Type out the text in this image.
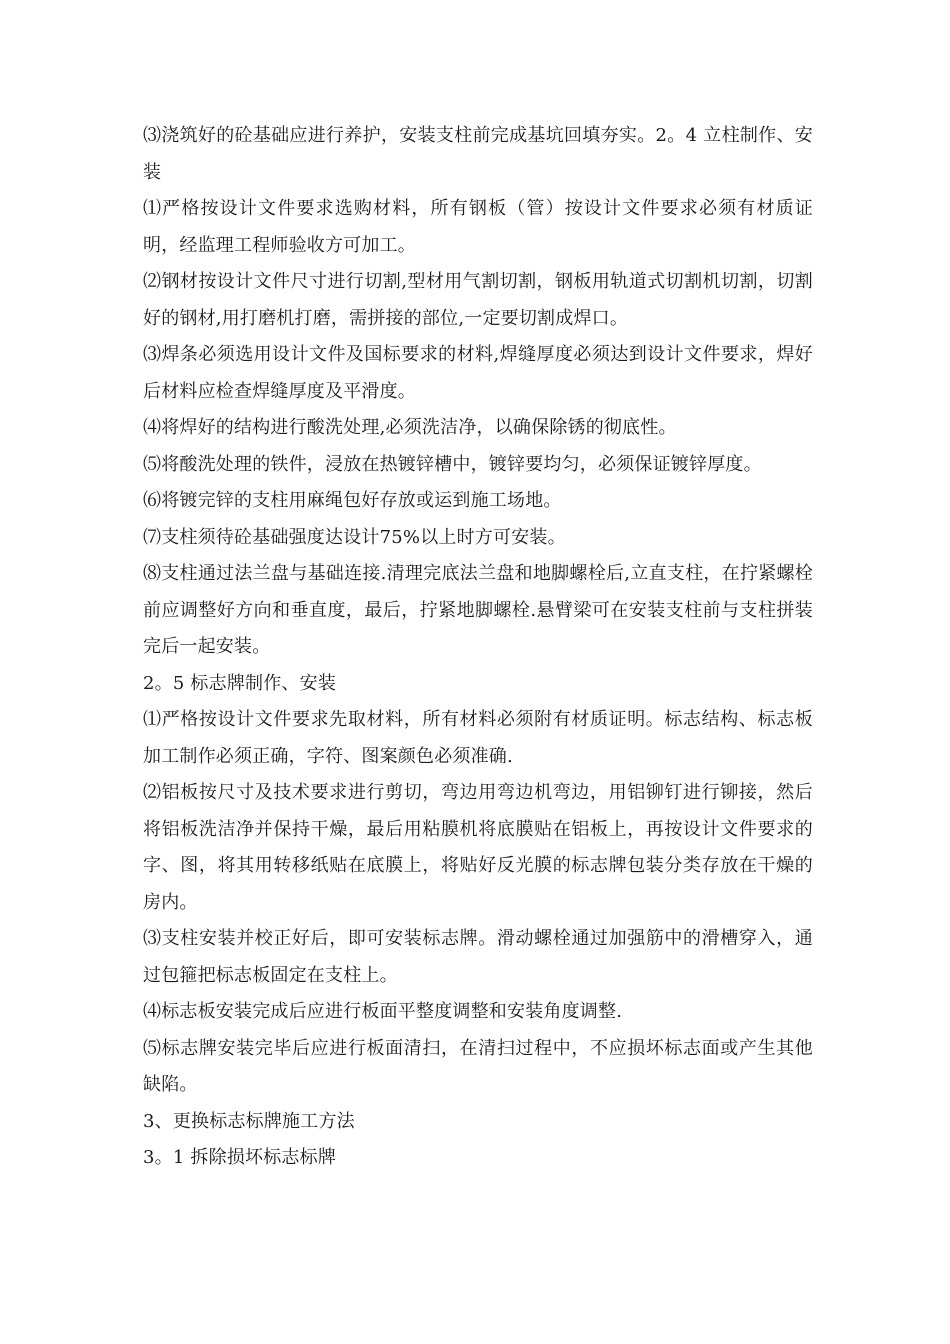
⑶浇筑好的砼基础应进行养护，安装支柱前完成基坑回填夯实。2。4 立柱制作、安装

⑴严格按设计文件要求选购材料，所有钢板（管）按设计文件要求必须有材质证明，经监理工程师验收方可加工。

⑵钢材按设计文件尺寸进行切割,型材用气割切割，钢板用轨道式切割机切割，切割好的钢材,用打磨机打磨，需拼接的部位,一定要切割成焊口。

⑶焊条必须选用设计文件及国标要求的材料,焊缝厚度必须达到设计文件要求，焊好后材料应检查焊缝厚度及平滑度。

⑷将焊好的结构进行酸洗处理,必须洗洁净，以确保除锈的彻底性。

⑸将酸洗处理的铁件，浸放在热镀锌槽中，镀锌要均匀，必须保证镀锌厚度。

⑹将镀完锌的支柱用麻绳包好存放或运到施工场地。

⑺支柱须待砼基础强度达设计75%以上时方可安装。

⑻支柱通过法兰盘与基础连接.清理完底法兰盘和地脚螺栓后,立直支柱，在拧紧螺栓前应调整好方向和垂直度，最后，拧紧地脚螺栓.悬臂梁可在安装支柱前与支柱拼装完后一起安装。

2。5 标志牌制作、安装

⑴严格按设计文件要求先取材料，所有材料必须附有材质证明。标志结构、标志板加工制作必须正确，字符、图案颜色必须准确.

⑵铝板按尺寸及技术要求进行剪切，弯边用弯边机弯边，用铝铆钉进行铆接，然后将铝板洗洁净并保持干燥，最后用粘膜机将底膜贴在铝板上，再按设计文件要求的字、图，将其用转移纸贴在底膜上，将贴好反光膜的标志牌包装分类存放在干燥的房内。

⑶支柱安装并校正好后，即可安装标志牌。滑动螺栓通过加强筋中的滑槽穿入，通过包箍把标志板固定在支柱上。

⑷标志板安装完成后应进行板面平整度调整和安装角度调整.

⑸标志牌安装完毕后应进行板面清扫，在清扫过程中，不应损坏标志面或产生其他缺陷。

3、更换标志标牌施工方法

3。1 拆除损坏标志标牌
